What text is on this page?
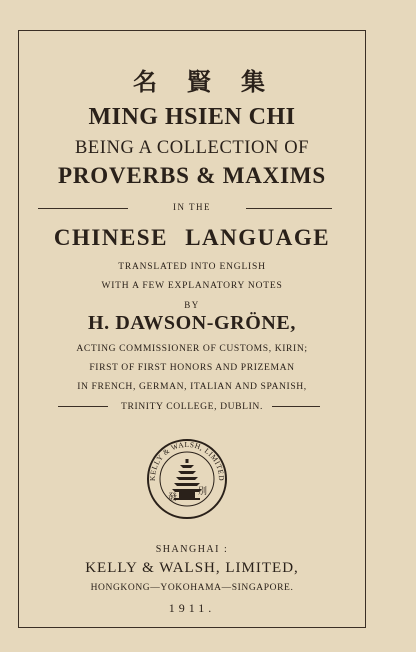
名賢集
MING HSIEN CHI
BEING A COLLECTION OF
PROVERBS & MAXIMS
IN THE
CHINESE LANGUAGE
TRANSLATED INTO ENGLISH
WITH A FEW EXPLANATORY NOTES
BY
H. DAWSON-GRÖNE,
ACTING COMMISSIONER OF CUSTOMS, KIRIN;
FIRST OF FIRST HONORS AND PRIZEMAN
IN FRENCH, GERMAN, ITALIAN AND SPANISH,
TRINITY COLLEGE, DUBLIN.
KELLY & WALSH, LIMITED
發
別
SHANGHAI :
KELLY & WALSH, LIMITED,
HONGKONG—YOKOHAMA—SINGAPORE.
1911.
